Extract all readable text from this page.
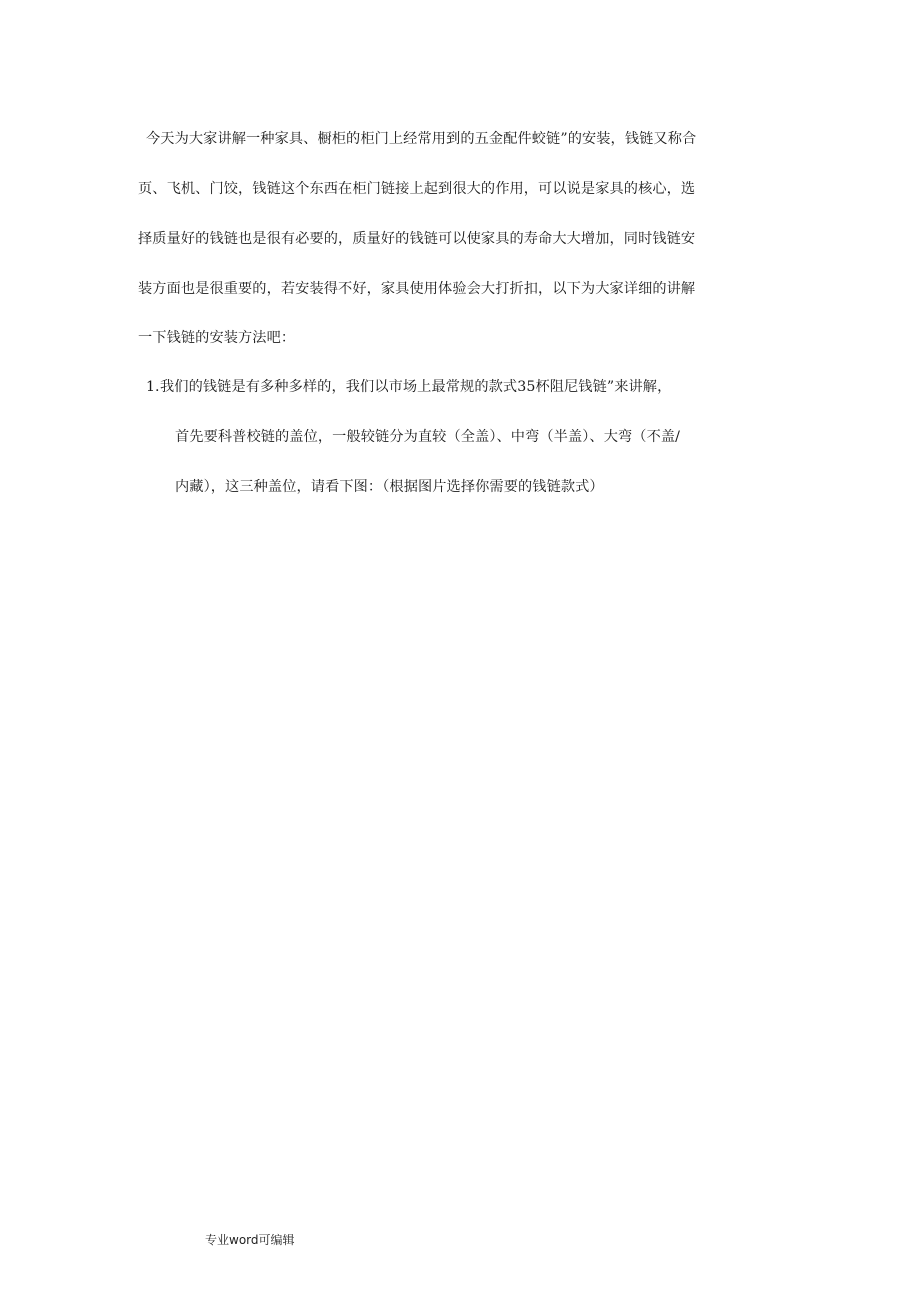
今天为大家讲解一种家具、橱柜的柜门上经常用到的五金配件蛟链”的安装，钱链又称合
页、飞机、门饺，钱链这个东西在柜门链接上起到很大的作用，可以说是家具的核心，选
择质量好的钱链也是很有必要的，质量好的钱链可以使家具的寿命大大增加，同时钱链安
装方面也是很重要的，若安装得不好，家具使用体验会大打折扣，以下为大家详细的讲解
一下钱链的安装方法吧：
1. 我们的钱链是有多种多样的，我们以市场上最常规的款式35杯阻尼钱链”来讲解，
首先要科普校链的盖位，一般较链分为直较（全盖）、中弯（半盖）、大弯（不盖/
内藏），这三种盖位，请看下图：（根据图片选择你需要的钱链款式）
专业word可编辑
